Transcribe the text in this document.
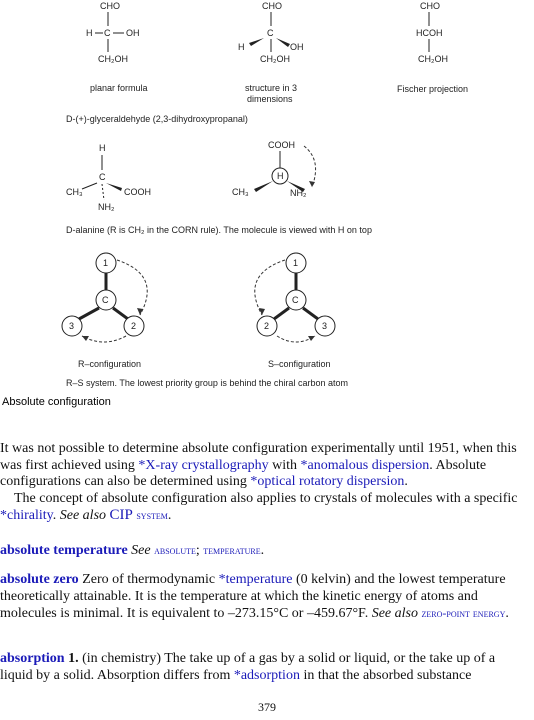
CHO
H C OH
CH₂OH
planar formula
CHO
C
H	OH
CH₂OH
structure in 3
dimensions
CHO
HCOH
CH₂OH
Fischer projection
D-(+)-glyceraldehyde (2,3-dihydroxypropanal)
H
C
CH₃	COOH
NH₂
COOH
H
CH₃	NH₂
D-alanine (R is CH₂ in the CORN rule). The molecule is viewed with H on top
1
C
3	2
R–configuration
1
C
2	3
S–configuration
R–S system. The lowest priority group is behind the chiral carbon atom
Absolute configuration

It was not possible to determine absolute configuration experimentally until 1951, when this was first achieved using *X-ray crystallography with *anomalous dispersion. Absolute configurations can also be determined using *optical rotatory dispersion.

The concept of absolute configuration also applies to crystals of molecules with a specific *chirality. See also CIP system.

absolute temperature See absolute; temperature.

absolute zero Zero of thermodynamic *temperature (0 kelvin) and the lowest temperature theoretically attainable. It is the temperature at which the kinetic energy of atoms and molecules is minimal. It is equivalent to –273.15°C or –459.67°F. See also zero-point energy.

absorption 1. (in chemistry) The take up of a gas by a solid or liquid, or the take up of a liquid by a solid. Absorption differs from *adsorption in that the absorbed substance

379
